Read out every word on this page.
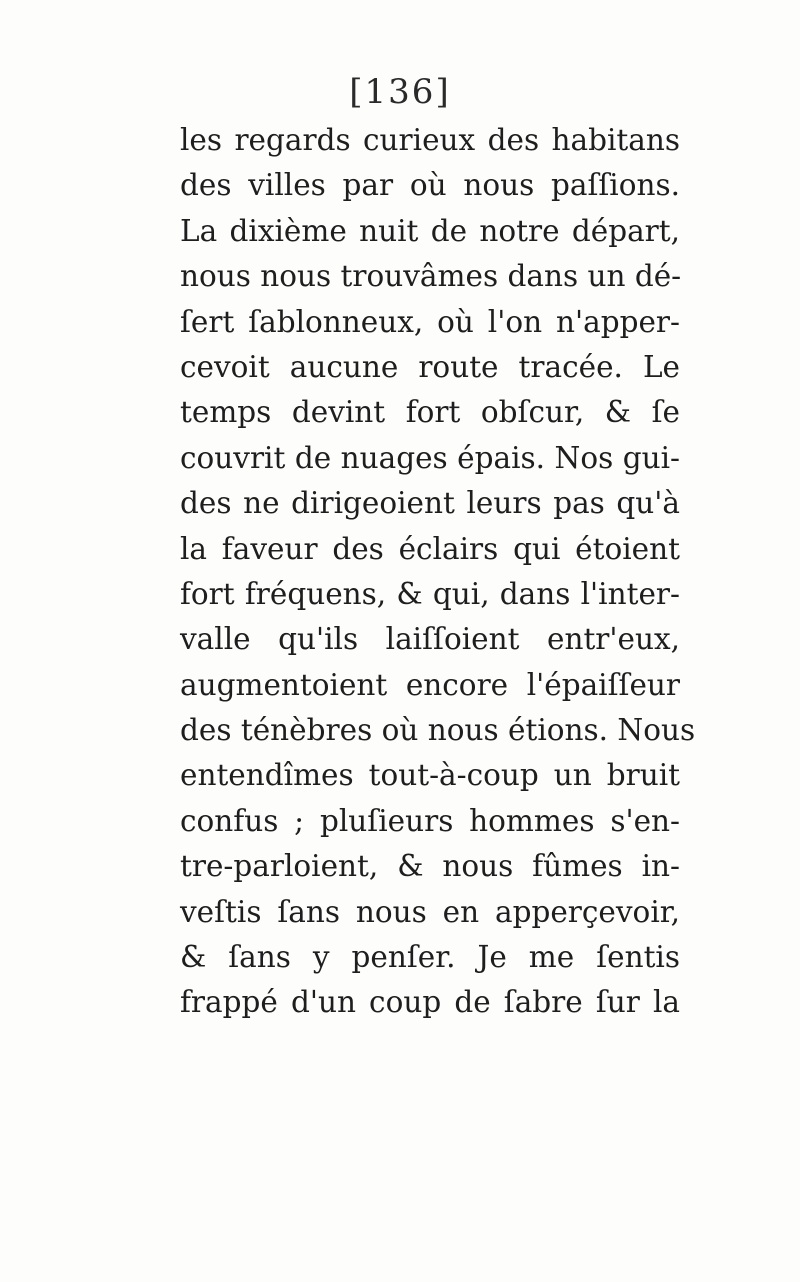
[136]
les regards curieux des habitans
des villes par où nous paſſions.
La dixième nuit de notre départ,
nous nous trouvâmes dans un dé-
ſert ſablonneux, où l'on n'apper-
cevoit aucune route tracée. Le
temps devint fort obſcur, & ſe
couvrit de nuages épais. Nos gui-
des ne dirigeoient leurs pas qu'à
la faveur des éclairs qui étoient
fort fréquens, & qui, dans l'inter-
valle qu'ils laiſſoient entr'eux,
augmentoient encore l'épaiſſeur
des ténèbres où nous étions. Nous
entendîmes tout-à-coup un bruit
confus ; pluſieurs hommes s'en-
tre-parloient, & nous fûmes in-
veſtis ſans nous en apperçevoir,
& ſans y penſer. Je me ſentis
frappé d'un coup de ſabre ſur la
